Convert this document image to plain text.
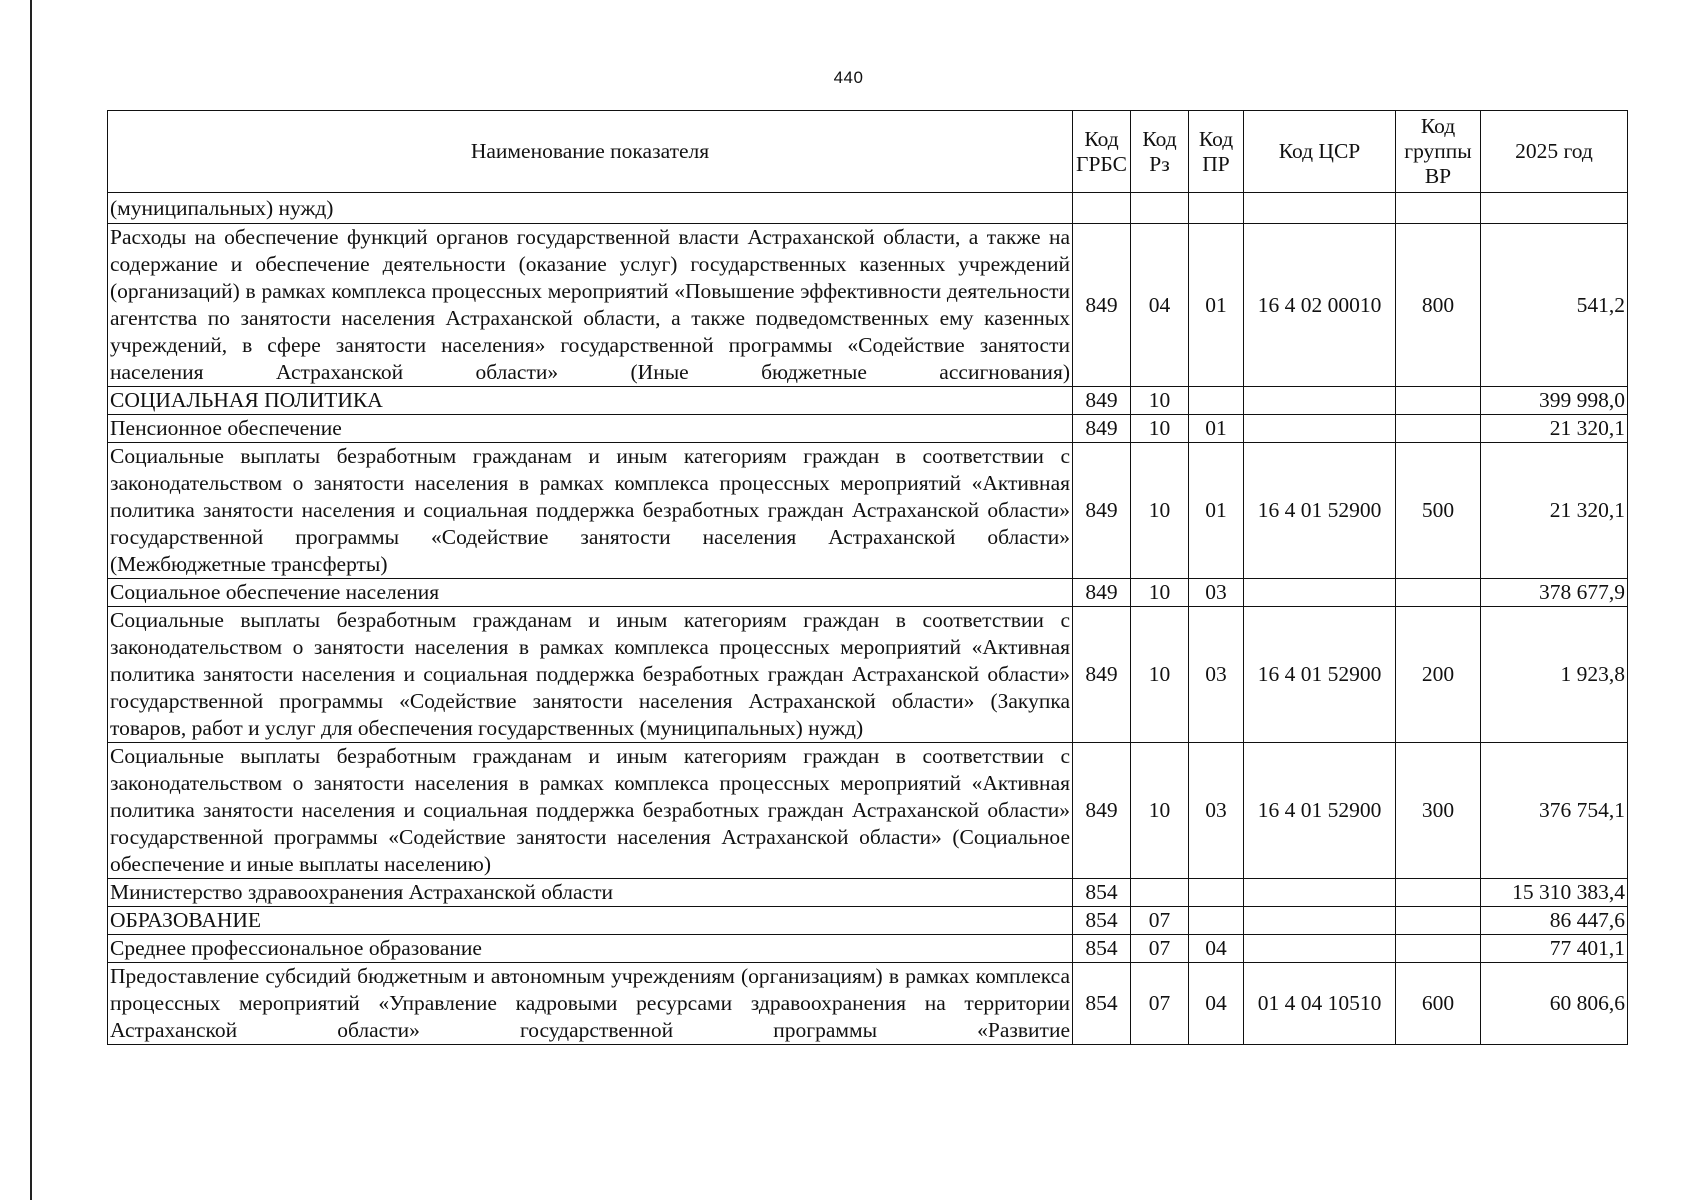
440
Наименование показателя	Код ГРБС	Код Рз	Код ПР	Код ЦСР	Код группы ВР	2025 год
(муниципальных) нужд)						
Расходы на обеспечение функций органов государственной власти Астраханской области, а также на содержание и обеспечение деятельности (оказание услуг) государственных казенных учреждений (организаций) в рамках комплекса процессных мероприятий «Повышение эффективности деятельности агентства по занятости населения Астраханской области, а также подведомственных ему казенных учреждений, в сфере занятости населения» государственной программы «Содействие занятости населения Астраханской области» (Иные бюджетные ассигнования)	849	04	01	16 4 02 00010	800	541,2
СОЦИАЛЬНАЯ ПОЛИТИКА	849	10				399 998,0
Пенсионное обеспечение	849	10	01			21 320,1
Социальные выплаты безработным гражданам и иным категориям граждан в соответствии с законодательством о занятости населения в рамках комплекса процессных мероприятий «Активная политика занятости населения и социальная поддержка безработных граждан Астраханской области» государственной программы «Содействие занятости населения Астраханской области» (Межбюджетные трансферты)	849	10	01	16 4 01 52900	500	21 320,1
Социальное обеспечение населения	849	10	03			378 677,9
Социальные выплаты безработным гражданам и иным категориям граждан в соответствии с законодательством о занятости населения в рамках комплекса процессных мероприятий «Активная политика занятости населения и социальная поддержка безработных граждан Астраханской области» государственной программы «Содействие занятости населения Астраханской области» (Закупка товаров, работ и услуг для обеспечения государственных (муниципальных) нужд)	849	10	03	16 4 01 52900	200	1 923,8
Социальные выплаты безработным гражданам и иным категориям граждан в соответствии с законодательством о занятости населения в рамках комплекса процессных мероприятий «Активная политика занятости населения и социальная поддержка безработных граждан Астраханской области» государственной программы «Содействие занятости населения Астраханской области» (Социальное обеспечение и иные выплаты населению)	849	10	03	16 4 01 52900	300	376 754,1
Министерство здравоохранения Астраханской области	854					15 310 383,4
ОБРАЗОВАНИЕ	854	07				86 447,6
Среднее профессиональное образование	854	07	04			77 401,1
Предоставление субсидий бюджетным и автономным учреждениям (организациям) в рамках комплекса процессных мероприятий «Управление кадровыми ресурсами здравоохранения на территории Астраханской области» государственной программы «Развитие	854	07	04	01 4 04 10510	600	60 806,6
